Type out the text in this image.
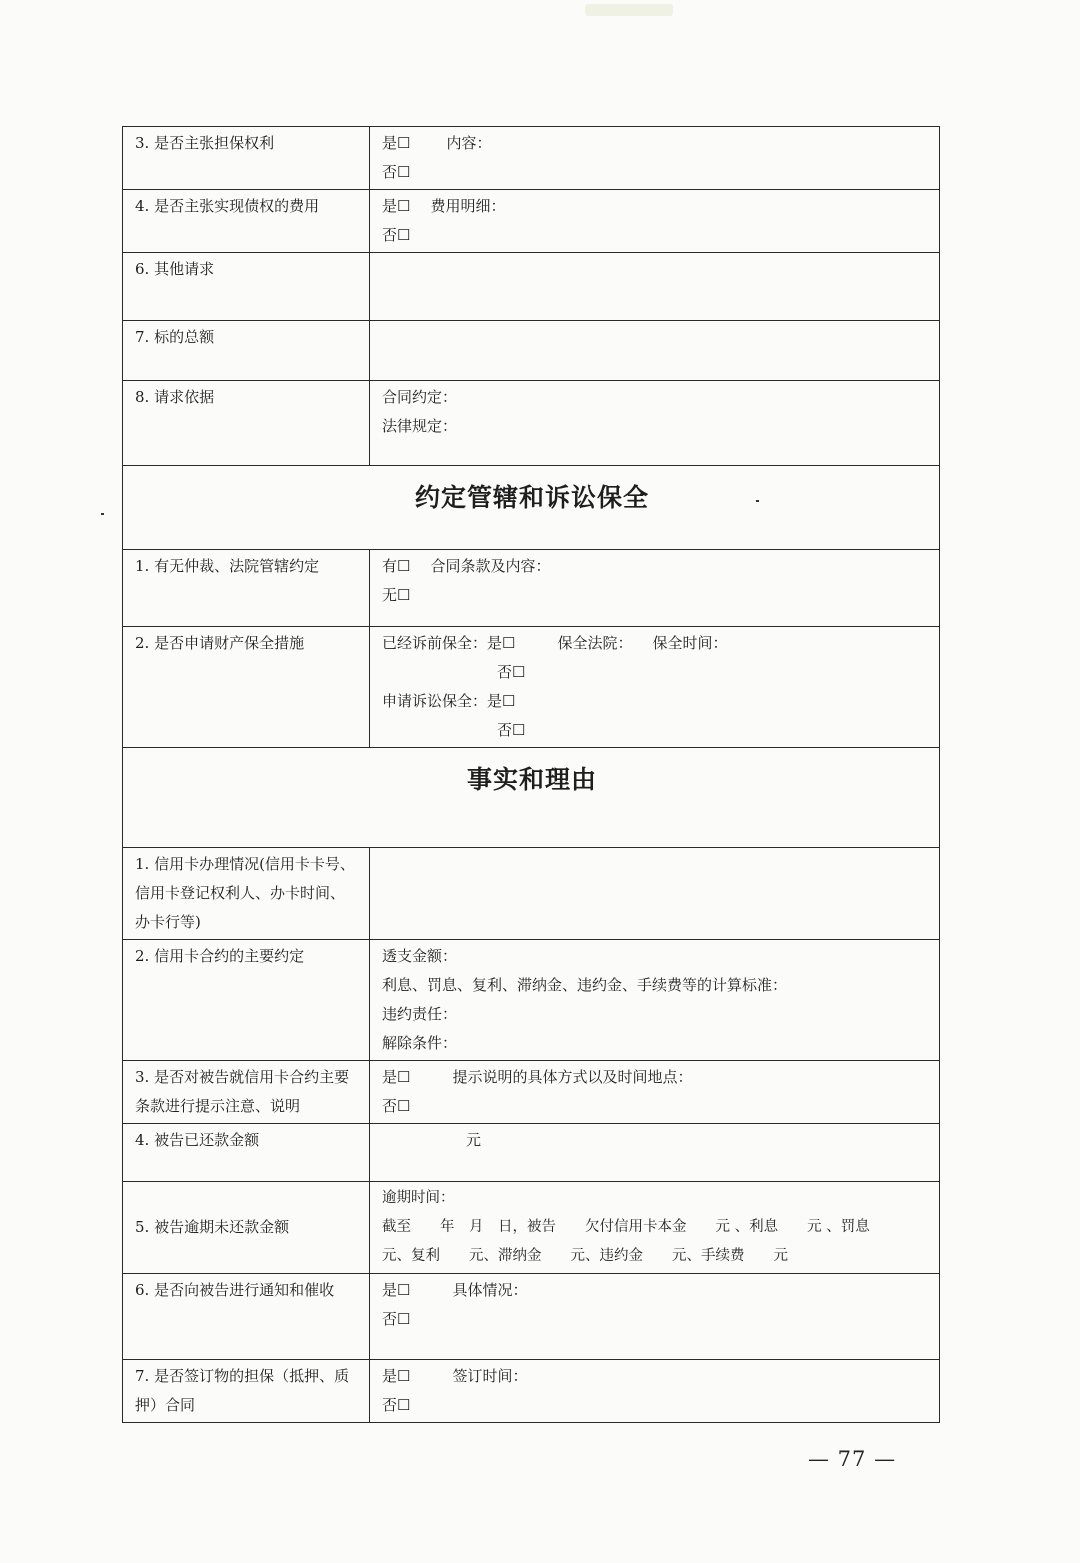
3. 是否主张担保权利	是☐ 内容：
否☐
4. 是否主张实现债权的费用	是☐ 费用明细：
否☐
6. 其他请求	
7. 标的总额	
8. 请求依据	合同约定：
法律规定：
约定管辖和诉讼保全	
1. 有无仲裁、法院管辖约定	有☐ 合同条款及内容：
无☐
2. 是否申请财产保全措施	已经诉前保全：是☐ 保全法院： 保全时间：
否☐
申请诉讼保全：是☐
否☐
事实和理由	
1. 信用卡办理情况(信用卡卡号、信用卡登记权利人、办卡时间、办卡行等)	
2. 信用卡合约的主要约定	透支金额：
利息、罚息、复利、滞纳金、违约金、手续费等的计算标准：
违约责任：
解除条件：
3. 是否对被告就信用卡合约主要条款进行提示注意、说明	是☐ 提示说明的具体方式以及时间地点：
否☐
4. 被告已还款金额	元
5. 被告逾期未还款金额	逾期时间：
截至　　年　月　日，被告　　欠付信用卡本金　　元 、利息　　元 、罚息
元、复利　　元、滞纳金　　元、违约金　　元、手续费　　元
6. 是否向被告进行通知和催收	是☐ 具体情况：
否☐
7. 是否签订物的担保（抵押、质押）合同	是☐ 签订时间：
否☐
— 77 —
